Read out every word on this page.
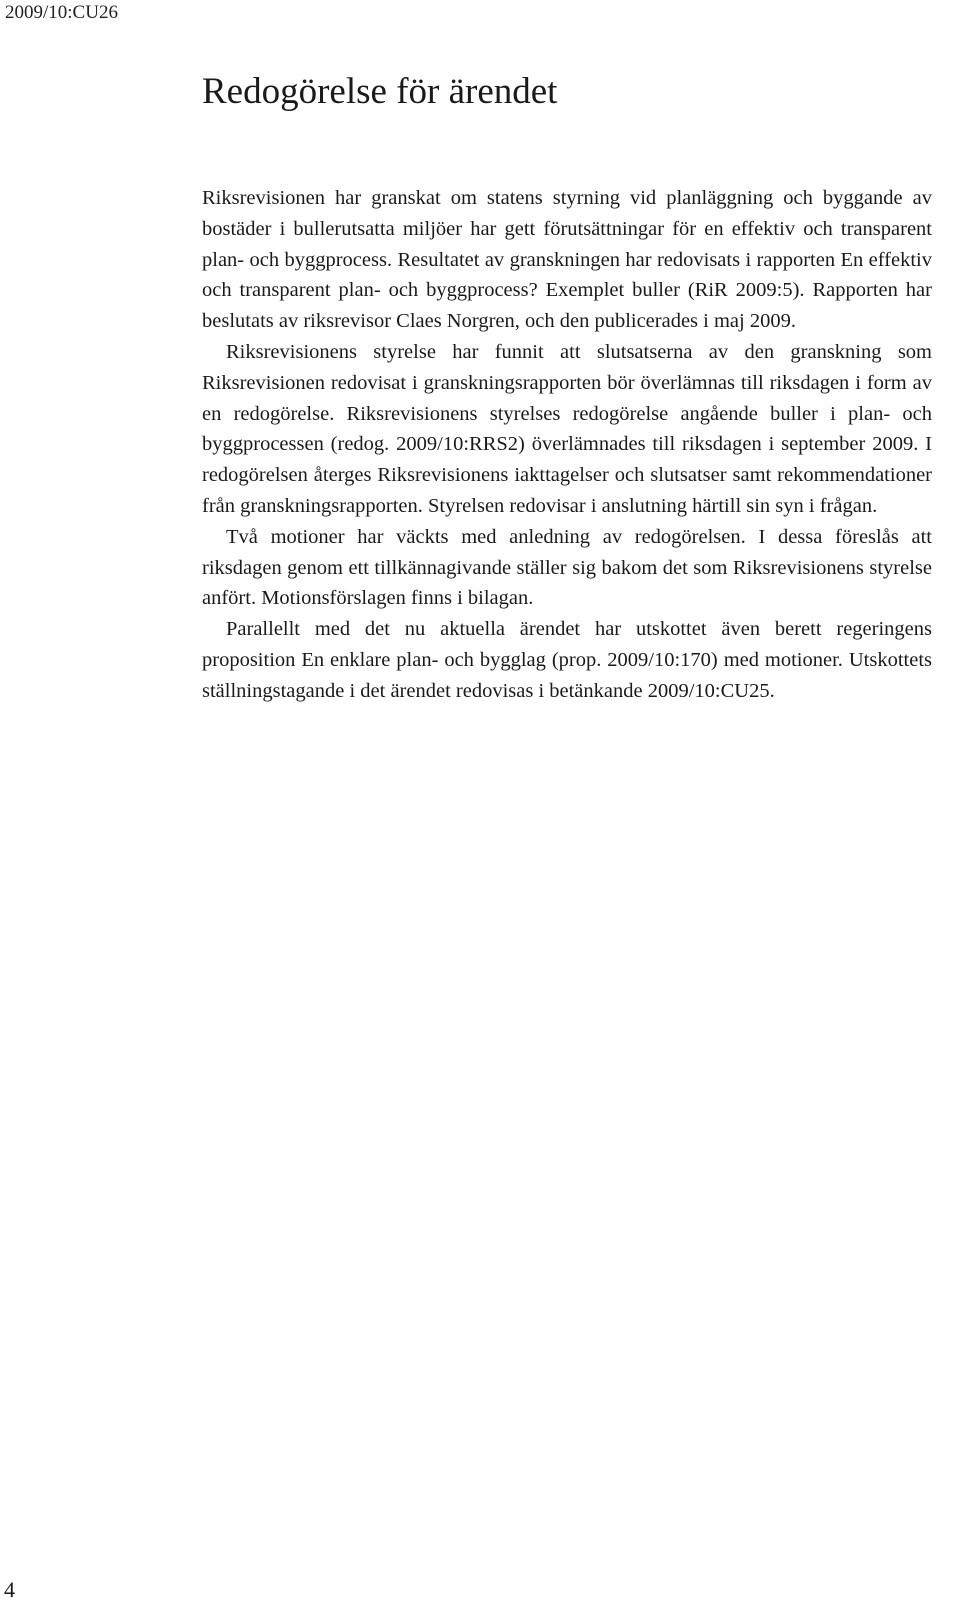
2009/10:CU26
Redogörelse för ärendet

Riksrevisionen har granskat om statens styrning vid planläggning och byggande av bostäder i bullerutsatta miljöer har gett förutsättningar för en effektiv och transparent plan- och byggprocess. Resultatet av granskningen har redovisats i rapporten En effektiv och transparent plan- och byggprocess? Exemplet buller (RiR 2009:5). Rapporten har beslutats av riksrevisor Claes Norgren, och den publicerades i maj 2009.

Riksrevisionens styrelse har funnit att slutsatserna av den granskning som Riksrevisionen redovisat i granskningsrapporten bör överlämnas till riksdagen i form av en redogörelse. Riksrevisionens styrelses redogörelse angående buller i plan- och byggprocessen (redog. 2009/10:RRS2) överlämnades till riksdagen i september 2009. I redogörelsen återges Riksrevisionens iakttagelser och slutsatser samt rekommendationer från granskningsrapporten. Styrelsen redovisar i anslutning härtill sin syn i frågan.

Två motioner har väckts med anledning av redogörelsen. I dessa föreslås att riksdagen genom ett tillkännagivande ställer sig bakom det som Riksrevisionens styrelse anfört. Motionsförslagen finns i bilagan.

Parallellt med det nu aktuella ärendet har utskottet även berett regeringens proposition En enklare plan- och bygglag (prop. 2009/10:170) med motioner. Utskottets ställningstagande i det ärendet redovisas i betänkande 2009/10:CU25.

4
